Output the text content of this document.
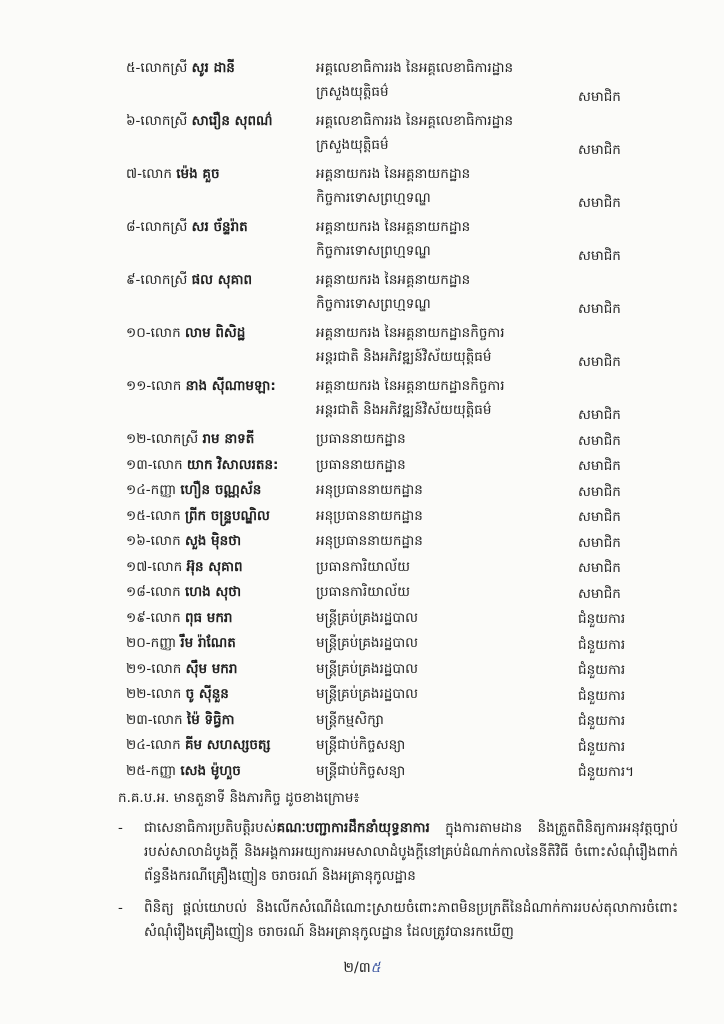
៥-លោកស្រី សូរ ដានី	អគ្គលេខាធិការរង នៃអគ្គលេខាធិការដ្ឋាន
ក្រសួងយុត្តិធម៌	សមាជិក
៦-លោកស្រី សារឿន សុពណ៌	អគ្គលេខាធិការរង នៃអគ្គលេខាធិការដ្ឋាន
ក្រសួងយុត្តិធម៌	សមាជិក
៧-លោក ម៉េង គួច	អគ្គនាយករង នៃអគ្គនាយកដ្ឋាន
កិច្ចការទោសព្រហ្មទណ្ឌ	សមាជិក
៨-លោកស្រី សរ ច័ន្ទរ៉ាត	អគ្គនាយករង នៃអគ្គនាយកដ្ឋាន
កិច្ចការទោសព្រហ្មទណ្ឌ	សមាជិក
៩-លោកស្រី ផល សុគាព	អគ្គនាយករង នៃអគ្គនាយកដ្ឋាន
កិច្ចការទោសព្រហ្មទណ្ឌ	សមាជិក
១០-លោក លាម ពិសិដ្ឋ	អគ្គនាយករង នៃអគ្គនាយកដ្ឋានកិច្ចការ
អន្តរជាតិ និងអភិវឌ្ឍន៍វិស័យយុត្តិធម៌	សមាជិក
១១-លោក នាង ស៊ីណាមឡា:	អគ្គនាយករង នៃអគ្គនាយកដ្ឋានកិច្ចការ
អន្តរជាតិ និងអភិវឌ្ឍន៍វិស័យយុត្តិធម៌	សមាជិក
១២-លោកស្រី រាម នាទតី	ប្រធាននាយកដ្ឋាន	សមាជិក
១៣-លោក យាក វិសាលរតន:	ប្រធាននាយកដ្ឋាន	សមាជិក
១៤-កញ្ញា ហឿន ចណ្ណស័ន	អនុប្រធាននាយកដ្ឋាន	សមាជិក
១៥-លោក ព្រីក ចន្ទ្របណ្ឌិល	អនុប្រធាននាយកដ្ឋាន	សមាជិក
១៦-លោក សួង ម៉ិនថា	អនុប្រធាននាយកដ្ឋាន	សមាជិក
១៧-លោក អ៊ុន សុគាព	ប្រធានការិយាល័យ	សមាជិក
១៨-លោក ហេង សុថា	ប្រធានការិយាល័យ	សមាជិក
១៩-លោក ពុធ មករា	មន្ត្រីគ្រប់គ្រងរដ្ឋបាល	ជំនួយការ
២០-កញ្ញា រឹម រ៉ាណែត	មន្ត្រីគ្រប់គ្រងរដ្ឋបាល	ជំនួយការ
២១-លោក ស៊ឹម មករា	មន្ត្រីគ្រប់គ្រងរដ្ឋបាល	ជំនួយការ
២២-លោក ចូ ស៊ីនួន	មន្ត្រីគ្រប់គ្រងរដ្ឋបាល	ជំនួយការ
២៣-លោក ម៉ៃ ទិធ្វិកា	មន្ត្រីកម្មសិក្សា	ជំនួយការ
២៤-លោក គីម សហស្សចត្ស	មន្ត្រីជាប់កិច្ចសន្យា	ជំនួយការ
២៥-កញ្ញា សេង ម៉ូហួច	មន្ត្រីជាប់កិច្ចសន្យា	ជំនួយការ។
ក.គ.ប.អ. មានតួនាទី និងភារកិច្ច ដូចខាងក្រោម៖
-	ជាសេនាធិការប្រតិបត្តិរបស់គណៈបញ្ជាការដឹកនាំយុទ្ធនាការ ក្នុងការតាមដាន និងត្រួតពិនិត្យការអនុវត្តច្បាប់របស់សាលាដំបូងក្តី និងអង្គការអយ្យការអមសាលាដំបូងក្តីនៅគ្រប់ដំណាក់កាលនៃនីតិវិធី ចំពោះសំណុំរឿងពាក់ព័ន្ធនឹងករណីគ្រឿងញៀន ចរាចរណ៍ និងអគ្រានុកូលដ្ឋាន
-	ពិនិត្យ ផ្ដល់យោបល់ និងលើកសំណើដំណោះស្រាយចំពោះភាពមិនប្រក្រតីនៃដំណាក់ការរបស់តុលាការចំពោះសំណុំរឿងគ្រឿងញៀន ចរាចរណ៍ និងអគ្រានុកូលដ្ឋាន ដែលត្រូវបានរកឃើញ
២/៣៥
